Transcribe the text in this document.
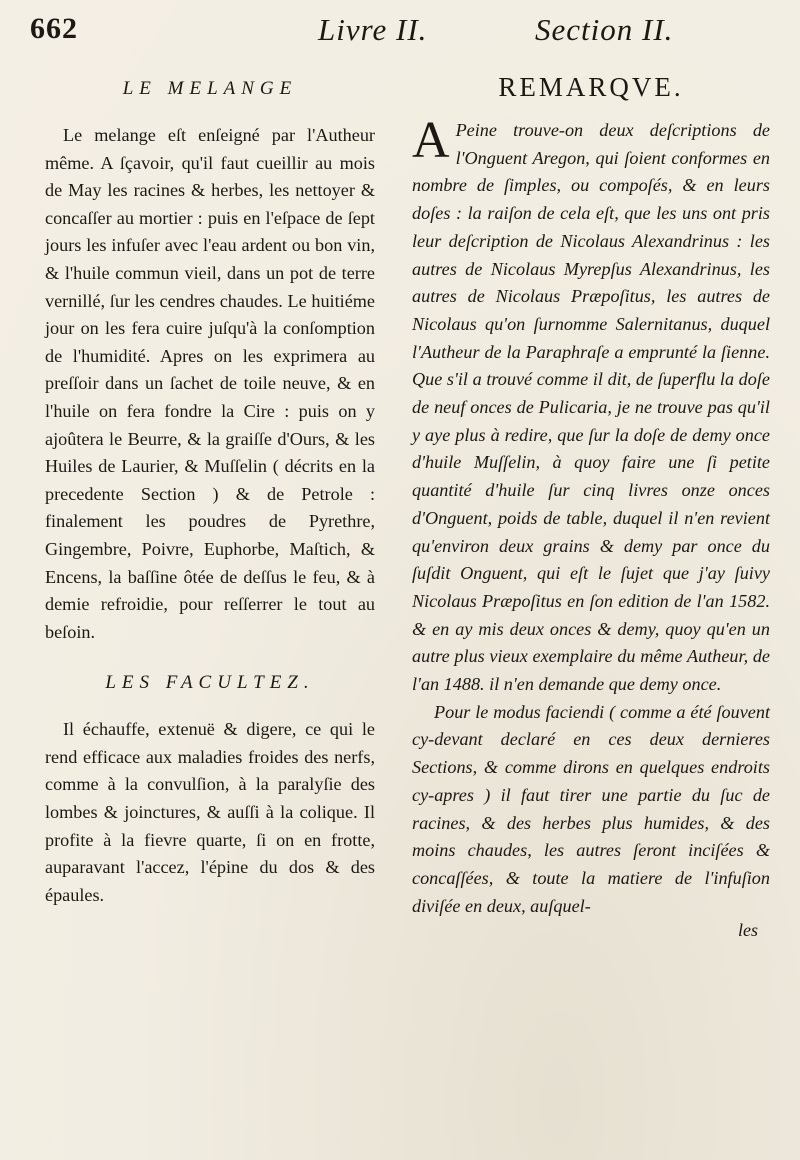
662	Livre II.	Section II.
LE MELANGE

Le melange eſt enſeigné par l'Autheur même. A ſçavoir, qu'il faut cueillir au mois de May les racines & herbes, les nettoyer & concaſſer au mortier : puis en l'eſpace de ſept jours les infuſer avec l'eau ardent ou bon vin, & l'huile commun vieil, dans un pot de terre vernillé, ſur les cendres chaudes. Le huitiéme jour on les fera cuire juſqu'à la conſomption de l'humidité. Apres on les exprimera au preſſoir dans un ſachet de toile neuve, & en l'huile on fera fondre la Cire : puis on y ajoûtera le Beurre, & la graiſſe d'Ours, & les Huiles de Laurier, & Muſſelin ( décrits en la precedente Section ) & de Petrole : finalement les poudres de Pyrethre, Gingembre, Poivre, Euphorbe, Maſtich, & Encens, la baſſine ôtée de deſſus le feu, & à demie refroidie, pour reſſerrer le tout au beſoin.

LES FACULTEZ.

Il échauffe, extenuë & digere, ce qui le rend efficace aux maladies froides des nerfs, comme à la convulſion, à la paralyſie des lombes & joinctures, & auſſi à la colique. Il profite à la fievre quarte, ſi on en frotte, auparavant l'accez, l'épine du dos & des épaules.

REMARQVE.

A Peine trouve-on deux deſcriptions de l'Onguent Aregon, qui ſoient conformes en nombre de ſimples, ou compoſés, & en leurs doſes : la raiſon de cela eſt, que les uns ont pris leur deſcription de Nicolaus Alexandrinus : les autres de Nicolaus Myrepſus Alexandrinus, les autres de Nicolaus Præpoſitus, les autres de Nicolaus qu'on ſurnomme Salernitanus, duquel l'Autheur de la Paraphraſe a emprunté la ſienne. Que s'il a trouvé comme il dit, de ſuperflu la doſe de neuf onces de Pulicaria, je ne trouve pas qu'il y aye plus à redire, que ſur la doſe de demy once d'huile Muſſelin, à quoy faire une ſi petite quantité d'huile ſur cinq livres onze onces d'Onguent, poids de table, duquel il n'en revient qu'environ deux grains & demy par once du ſuſdit Onguent, qui eſt le ſujet que j'ay ſuivy Nicolaus Præpoſitus en ſon edition de l'an 1582. & en ay mis deux onces & demy, quoy qu'en un autre plus vieux exemplaire du même Autheur, de l'an 1488. il n'en demande que demy once.

Pour le modus faciendi ( comme a été ſouvent cy-devant declaré en ces deux dernieres Sections, & comme dirons en quelques endroits cy-apres ) il faut tirer une partie du ſuc de racines, & des herbes plus humides, & des moins chaudes, les autres ſeront inciſées & concaſſées, & toute la matiere de l'infuſion diviſée en deux, auſquel-

les
